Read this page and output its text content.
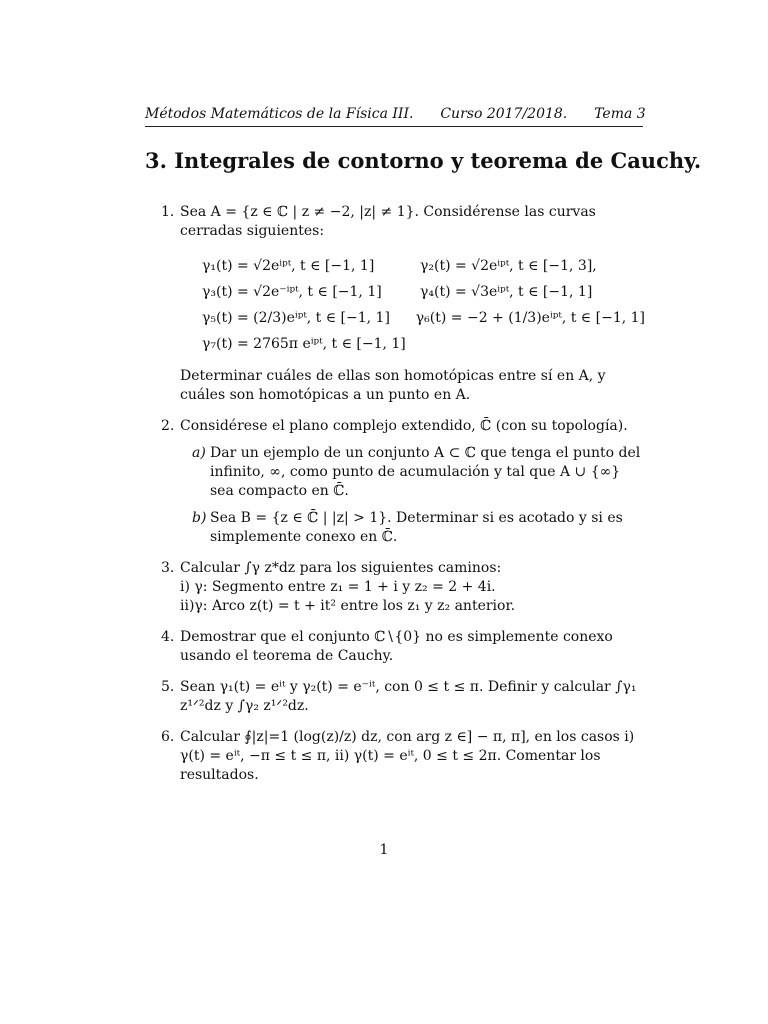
Métodos Matemáticos de la Física III. Curso 2017/2018. Tema 3
3. Integrales de contorno y teorema de Cauchy.
1. Sea A = {z ∈ ℂ | z ≠ −2, |z| ≠ 1}. Considérense las curvas cerradas siguientes:
γ₁(t) = √2eⁱᵖᵗ, t ∈ [−1, 1]	γ₂(t) = √2eⁱᵖᵗ, t ∈ [−1, 3],
γ₃(t) = √2e⁻ⁱᵖᵗ, t ∈ [−1, 1]	γ₄(t) = √3eⁱᵖᵗ, t ∈ [−1, 1]
γ₅(t) = (2/3)eⁱᵖᵗ, t ∈ [−1, 1]	γ₆(t) = −2 + (1/3)eⁱᵖᵗ, t ∈ [−1, 1]
γ₇(t) = 2765π eⁱᵖᵗ, t ∈ [−1, 1]
Determinar cuáles de ellas son homotópicas entre sí en A, y cuáles son homotópicas a un punto en A.
2. Considérese el plano complejo extendido, ℂ̄ (con su topología).
a) Dar un ejemplo de un conjunto A ⊂ ℂ que tenga el punto del infinito, ∞, como punto de acumulación y tal que A ∪ {∞} sea compacto en ℂ̄.
b) Sea B = {z ∈ ℂ̄ | |z| > 1}. Determinar si es acotado y si es simplemente conexo en ℂ̄.
3. Calcular ∫γ z*dz para los siguientes caminos:
i) γ: Segmento entre z₁ = 1 + i y z₂ = 2 + 4i.
ii)γ: Arco z(t) = t + it² entre los z₁ y z₂ anterior.
4. Demostrar que el conjunto ℂ∖{0} no es simplemente conexo usando el teorema de Cauchy.
5. Sean γ₁(t) = eⁱᵗ y γ₂(t) = e⁻ⁱᵗ, con 0 ≤ t ≤ π. Definir y calcular ∫γ₁ z¹ᐟ²dz y ∫γ₂ z¹ᐟ²dz.
6. Calcular ∮|z|=1 (log(z)/z) dz, con arg z ∈] − π, π], en los casos i) γ(t) = eⁱᵗ, −π ≤ t ≤ π, ii) γ(t) = eⁱᵗ, 0 ≤ t ≤ 2π. Comentar los resultados.
1
